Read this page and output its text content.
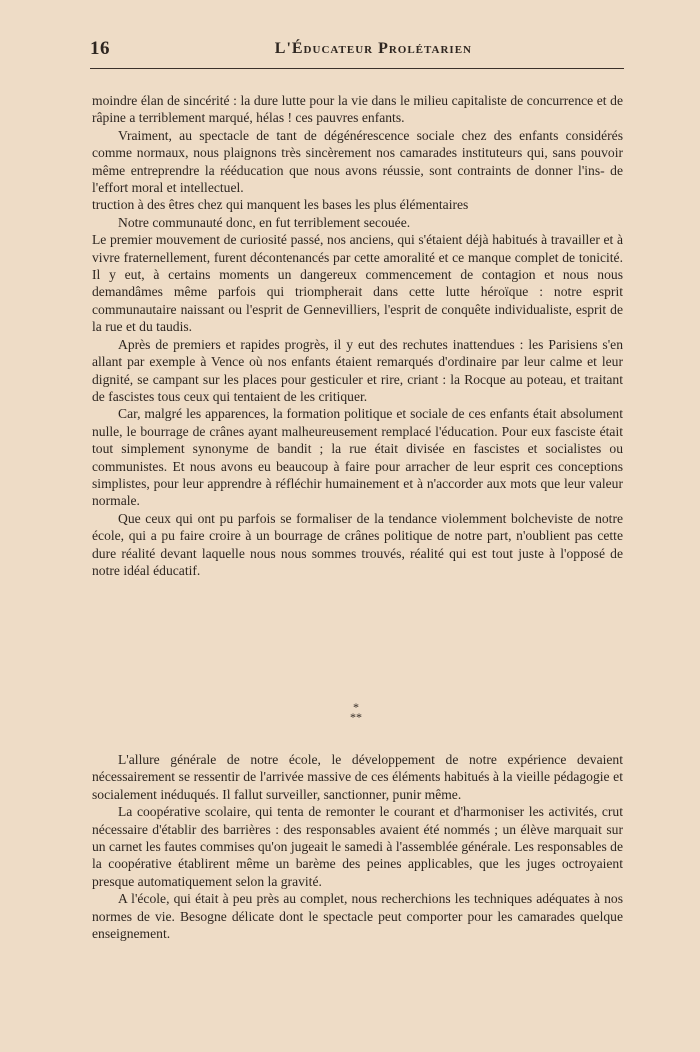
16	L'Éducateur Prolétarien

moindre élan de sincérité : la dure lutte pour la vie dans le milieu capitaliste de concurrence et de râpine a terriblement marqué, hélas ! ces pauvres enfants.

Vraiment, au spectacle de tant de dégénérescence sociale chez des enfants considérés comme normaux, nous plaignons très sincèrement nos camarades instituteurs qui, sans pouvoir même entreprendre la rééducation que nous avons réussie, sont contraints de donner l'ins- de l'effort moral et intellectuel.

truction à des êtres chez qui manquent les bases les plus élémentaires

Notre communauté donc, en fut terriblement secouée.

Le premier mouvement de curiosité passé, nos anciens, qui s'étaient déjà habitués à travailler et à vivre fraternellement, furent décontenancés par cette amoralité et ce manque complet de tonicité. Il y eut, à certains moments un dangereux commencement de contagion et nous nous demandâmes même parfois qui triompherait dans cette lutte héroïque : notre esprit communautaire naissant ou l'esprit de Gennevilliers, l'esprit de conquête individualiste, esprit de la rue et du taudis.

Après de premiers et rapides progrès, il y eut des rechutes inattendues : les Parisiens s'en allant par exemple à Vence où nos enfants étaient remarqués d'ordinaire par leur calme et leur dignité, se campant sur les places pour gesticuler et rire, criant : la Rocque au poteau, et traitant de fascistes tous ceux qui tentaient de les critiquer.

Car, malgré les apparences, la formation politique et sociale de ces enfants était absolument nulle, le bourrage de crânes ayant malheureusement remplacé l'éducation. Pour eux fasciste était tout simplement synonyme de bandit ; la rue était divisée en fascistes et socialistes ou communistes. Et nous avons eu beaucoup à faire pour arracher de leur esprit ces conceptions simplistes, pour leur apprendre à réfléchir humainement et à n'accorder aux mots que leur valeur normale.

Que ceux qui ont pu parfois se formaliser de la tendance violemment bolcheviste de notre école, qui a pu faire croire à un bourrage de crânes politique de notre part, n'oublient pas cette dure réalité devant laquelle nous nous sommes trouvés, réalité qui est tout juste à l'opposé de notre idéal éducatif.

*
**

L'allure générale de notre école, le développement de notre expérience devaient nécessairement se ressentir de l'arrivée massive de ces éléments habitués à la vieille pédagogie et socialement inéduqués. Il fallut surveiller, sanctionner, punir même.

La coopérative scolaire, qui tenta de remonter le courant et d'harmoniser les activités, crut nécessaire d'établir des barrières : des responsables avaient été nommés ; un élève marquait sur un carnet les fautes commises qu'on jugeait le samedi à l'assemblée générale. Les responsables de la coopérative établirent même un barème des peines applicables, que les juges octroyaient presque automatiquement selon la gravité.

A l'école, qui était à peu près au complet, nous recherchions les techniques adéquates à nos normes de vie. Besogne délicate dont le spectacle peut comporter pour les camarades quelque enseignement.
